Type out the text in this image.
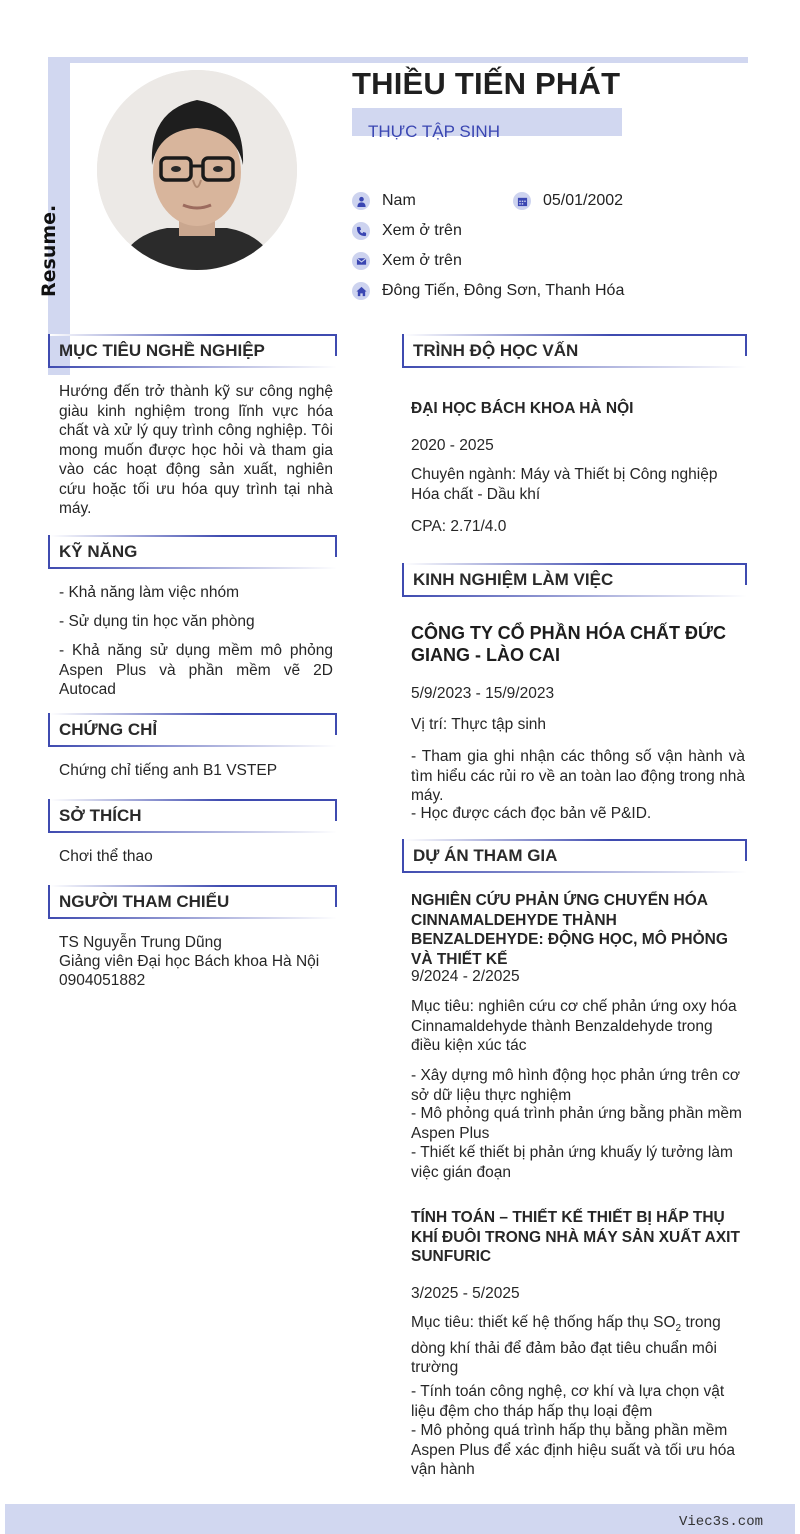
Resume.
THIỀU TIẾN PHÁT
THỰC TẬP SINH
Nam	05/01/2002
Xem ở trên
Xem ở trên
Đông Tiến, Đông Sơn, Thanh Hóa
MỤC TIÊU NGHỀ NGHIỆP
Hướng đến trở thành kỹ sư công nghệ giàu kinh nghiệm trong lĩnh vực hóa chất và xử lý quy trình công nghiệp. Tôi mong muốn được học hỏi và tham gia vào các hoạt động sản xuất, nghiên cứu hoặc tối ưu hóa quy trình tại nhà máy.
KỸ NĂNG
- Khả năng làm việc nhóm
- Sử dụng tin học văn phòng
- Khả năng sử dụng mềm mô phỏng Aspen Plus và phần mềm vẽ 2D Autocad
CHỨNG CHỈ
Chứng chỉ tiếng anh B1 VSTEP
SỞ THÍCH
Chơi thể thao
NGƯỜI THAM CHIẾU
TS Nguyễn Trung Dũng
Giảng viên Đại học Bách khoa Hà Nội
0904051882
TRÌNH ĐỘ HỌC VẤN
ĐẠI HỌC BÁCH KHOA HÀ NỘI
2020 - 2025
Chuyên ngành: Máy và Thiết bị Công nghiệp Hóa chất - Dầu khí
CPA: 2.71/4.0
KINH NGHIỆM LÀM VIỆC
CÔNG TY CỔ PHẦN HÓA CHẤT ĐỨC GIANG - LÀO CAI
5/9/2023 - 15/9/2023
Vị trí: Thực tập sinh
- Tham gia ghi nhận các thông số vận hành và tìm hiểu các rủi ro về an toàn lao động trong nhà máy.
- Học được cách đọc bản vẽ P&ID.
DỰ ÁN THAM GIA
NGHIÊN CỨU PHẢN ỨNG CHUYỂN HÓA CINNAMALDEHYDE THÀNH BENZALDEHYDE: ĐỘNG HỌC, MÔ PHỎNG VÀ THIẾT KẾ
9/2024 - 2/2025
Mục tiêu: nghiên cứu cơ chế phản ứng oxy hóa Cinnamaldehyde thành Benzaldehyde trong điều kiện xúc tác
- Xây dựng mô hình động học phản ứng trên cơ sở dữ liệu thực nghiệm
- Mô phỏng quá trình phản ứng bằng phần mềm Aspen Plus
- Thiết kế thiết bị phản ứng khuấy lý tưởng làm việc gián đoạn
TÍNH TOÁN – THIẾT KẾ THIẾT BỊ HẤP THỤ KHÍ ĐUÔI TRONG NHÀ MÁY SẢN XUẤT AXIT SUNFURIC
3/2025 - 5/2025
Mục tiêu: thiết kế hệ thống hấp thụ $SO_2$ trong dòng khí thải để đảm bảo đạt tiêu chuẩn môi trường
- Tính toán công nghệ, cơ khí và lựa chọn vật liệu đệm cho tháp hấp thụ loại đệm
- Mô phỏng quá trình hấp thụ bằng phần mềm Aspen Plus để xác định hiệu suất và tối ưu hóa vận hành
Viec3s.com
